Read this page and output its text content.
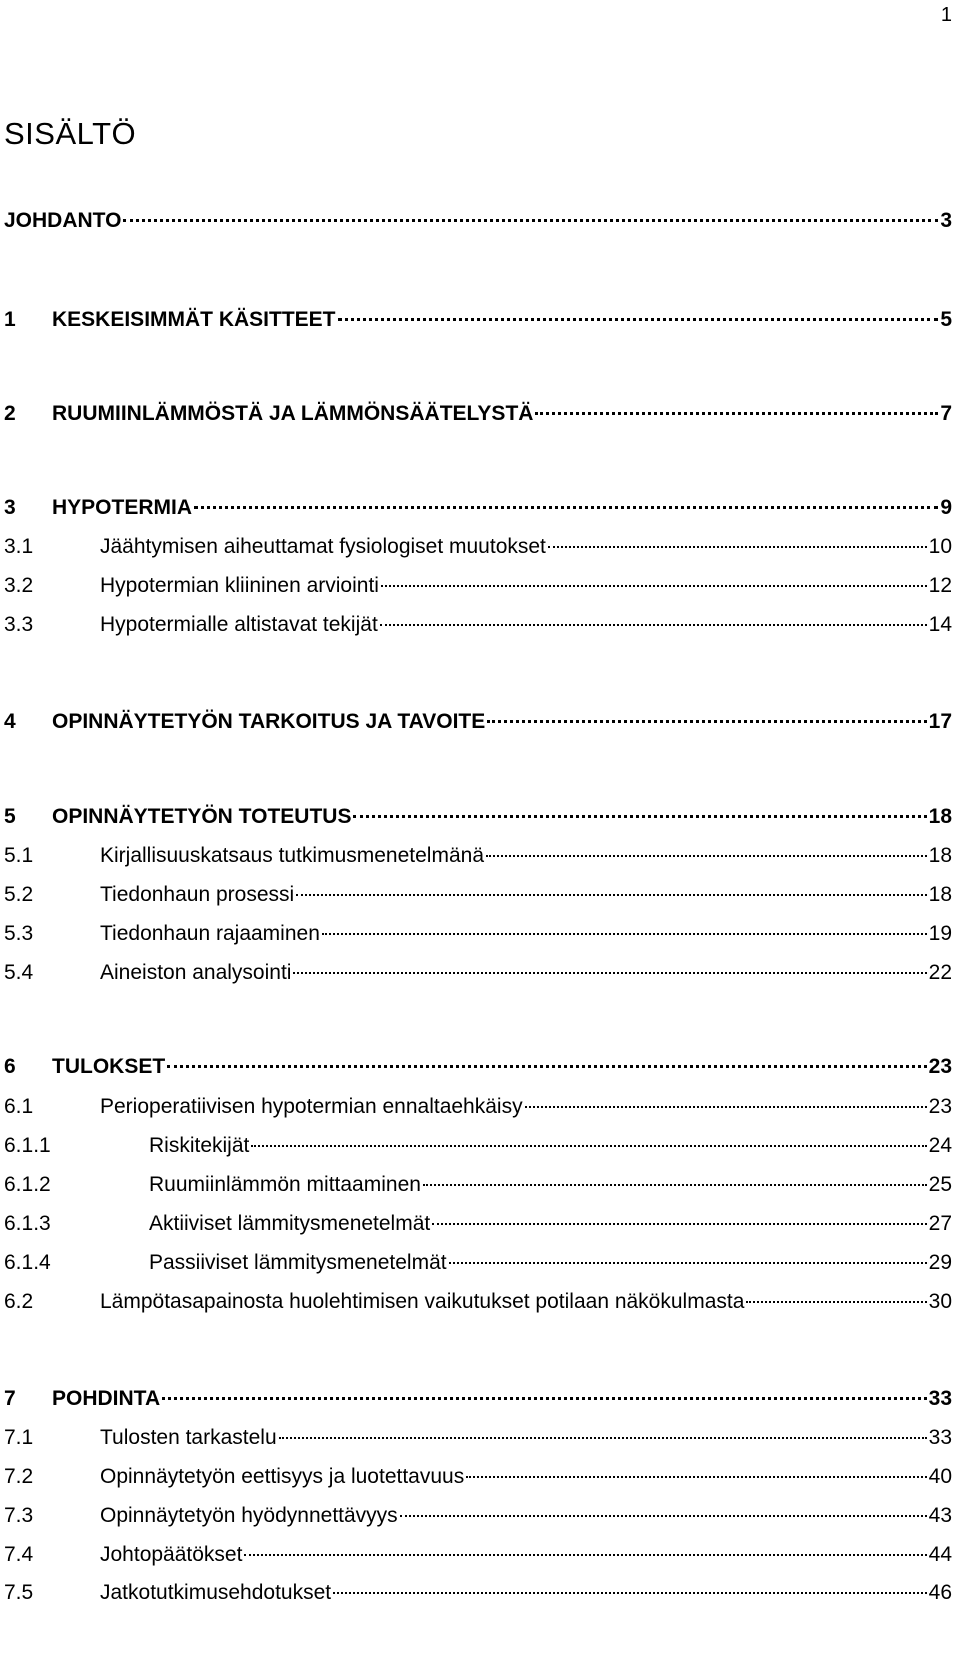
1
SISÄLTÖ
JOHDANTO	3
1	KESKEISIMMÄT KÄSITTEET	5
2	RUUMIINLÄMMÖSTÄ JA LÄMMÖNSÄÄTELYSTÄ	7
3	HYPOTERMIA	9
3.1	Jäähtymisen aiheuttamat fysiologiset muutokset	10
3.2	Hypotermian kliininen arviointi	12
3.3	Hypotermialle altistavat tekijät	14
4	OPINNÄYTETYÖN TARKOITUS JA TAVOITE	17
5	OPINNÄYTETYÖN TOTEUTUS	18
5.1	Kirjallisuuskatsaus tutkimusmenetelmänä	18
5.2	Tiedonhaun prosessi	18
5.3	Tiedonhaun rajaaminen	19
5.4	Aineiston analysointi	22
6	TULOKSET	23
6.1	Perioperatiivisen hypotermian ennaltaehkäisy	23
6.1.1	Riskitekijät	24
6.1.2	Ruumiinlämmön mittaaminen	25
6.1.3	Aktiiviset lämmitysmenetelmät	27
6.1.4	Passiiviset lämmitysmenetelmät	29
6.2	Lämpötasapainosta huolehtimisen vaikutukset potilaan näkökulmasta	30
7	POHDINTA	33
7.1	Tulosten tarkastelu	33
7.2	Opinnäytetyön eettisyys ja luotettavuus	40
7.3	Opinnäytetyön hyödynnettävyys	43
7.4	Johtopäätökset	44
7.5	Jatkotutkimusehdotukset	46
